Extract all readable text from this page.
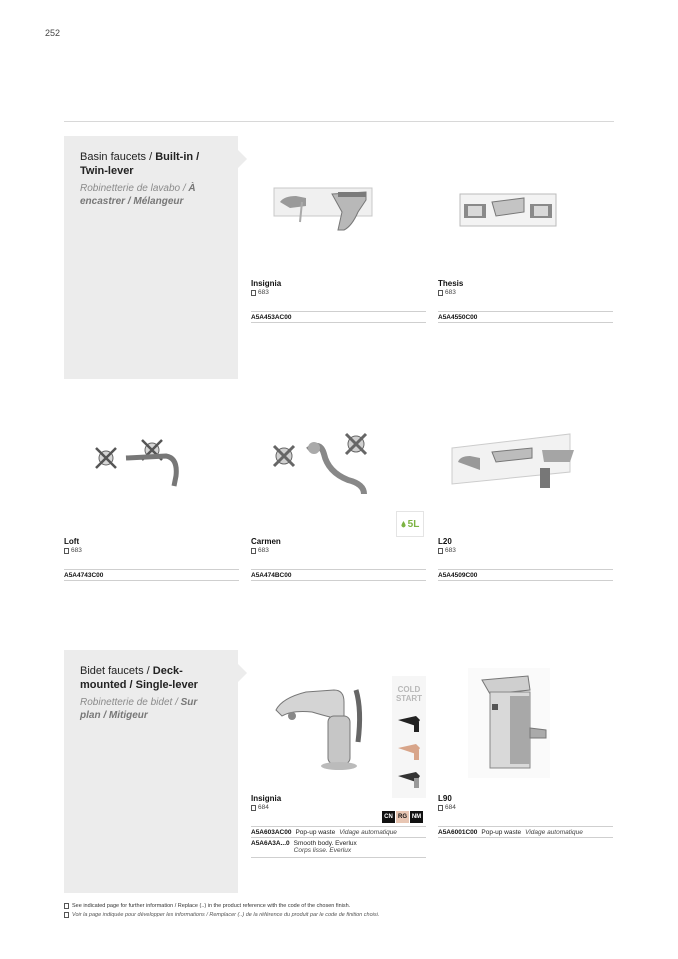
252
Basin faucets / Built-in / Twin-lever
Robinetterie de lavabo / À encastrer / Mélangeur
Insignia
683
A5A453AC00
Thesis
683
A5A4550C00
5L
Loft
683
A5A4743C00
Carmen
683
A5A474BC00
L20
683
A5A4509C00
Bidet faucets / Deck-mounted / Single-lever
Robinetterie de bidet / Sur plan / Mitigeur
COLD START
Insignia
684
CN RG NM
A5A603AC00 Pop-up waste Vidage automatique
A5A6A3A...0 Smooth body. Everlux
Corps lisse. Everlux
L90
684
A5A6001C00 Pop-up waste Vidage automatique
See indicated page for further information / Replace (..) in the product reference with the code of the chosen finish.
Voir la page indiquée pour développer les informations / Remplacer (..) de la référence du produit par le code de finition choisi.
